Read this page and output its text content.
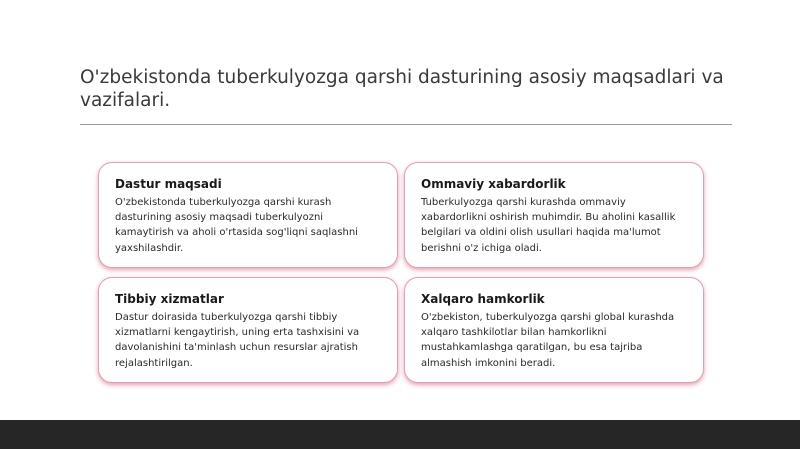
O'zbekistonda tuberkulyozga qarshi dasturining asosiy maqsadlari va vazifalari.
Dastur maqsadi
O'zbekistonda tuberkulyozga qarshi kurash dasturining asosiy maqsadi tuberkulyozni kamaytirish va aholi o'rtasida sog'liqni saqlashni yaxshilashdir.
Ommaviy xabardorlik
Tuberkulyozga qarshi kurashda ommaviy xabardorlikni oshirish muhimdir. Bu aholini kasallik belgilari va oldini olish usullari haqida ma'lumot berishni o'z ichiga oladi.
Tibbiy xizmatlar
Dastur doirasida tuberkulyozga qarshi tibbiy xizmatlarni kengaytirish, uning erta tashxisini va davolanishini ta'minlash uchun resurslar ajratish rejalashtirilgan.
Xalqaro hamkorlik
O'zbekiston, tuberkulyozga qarshi global kurashda xalqaro tashkilotlar bilan hamkorlikni mustahkamlashga qaratilgan, bu esa tajriba almashish imkonini beradi.
